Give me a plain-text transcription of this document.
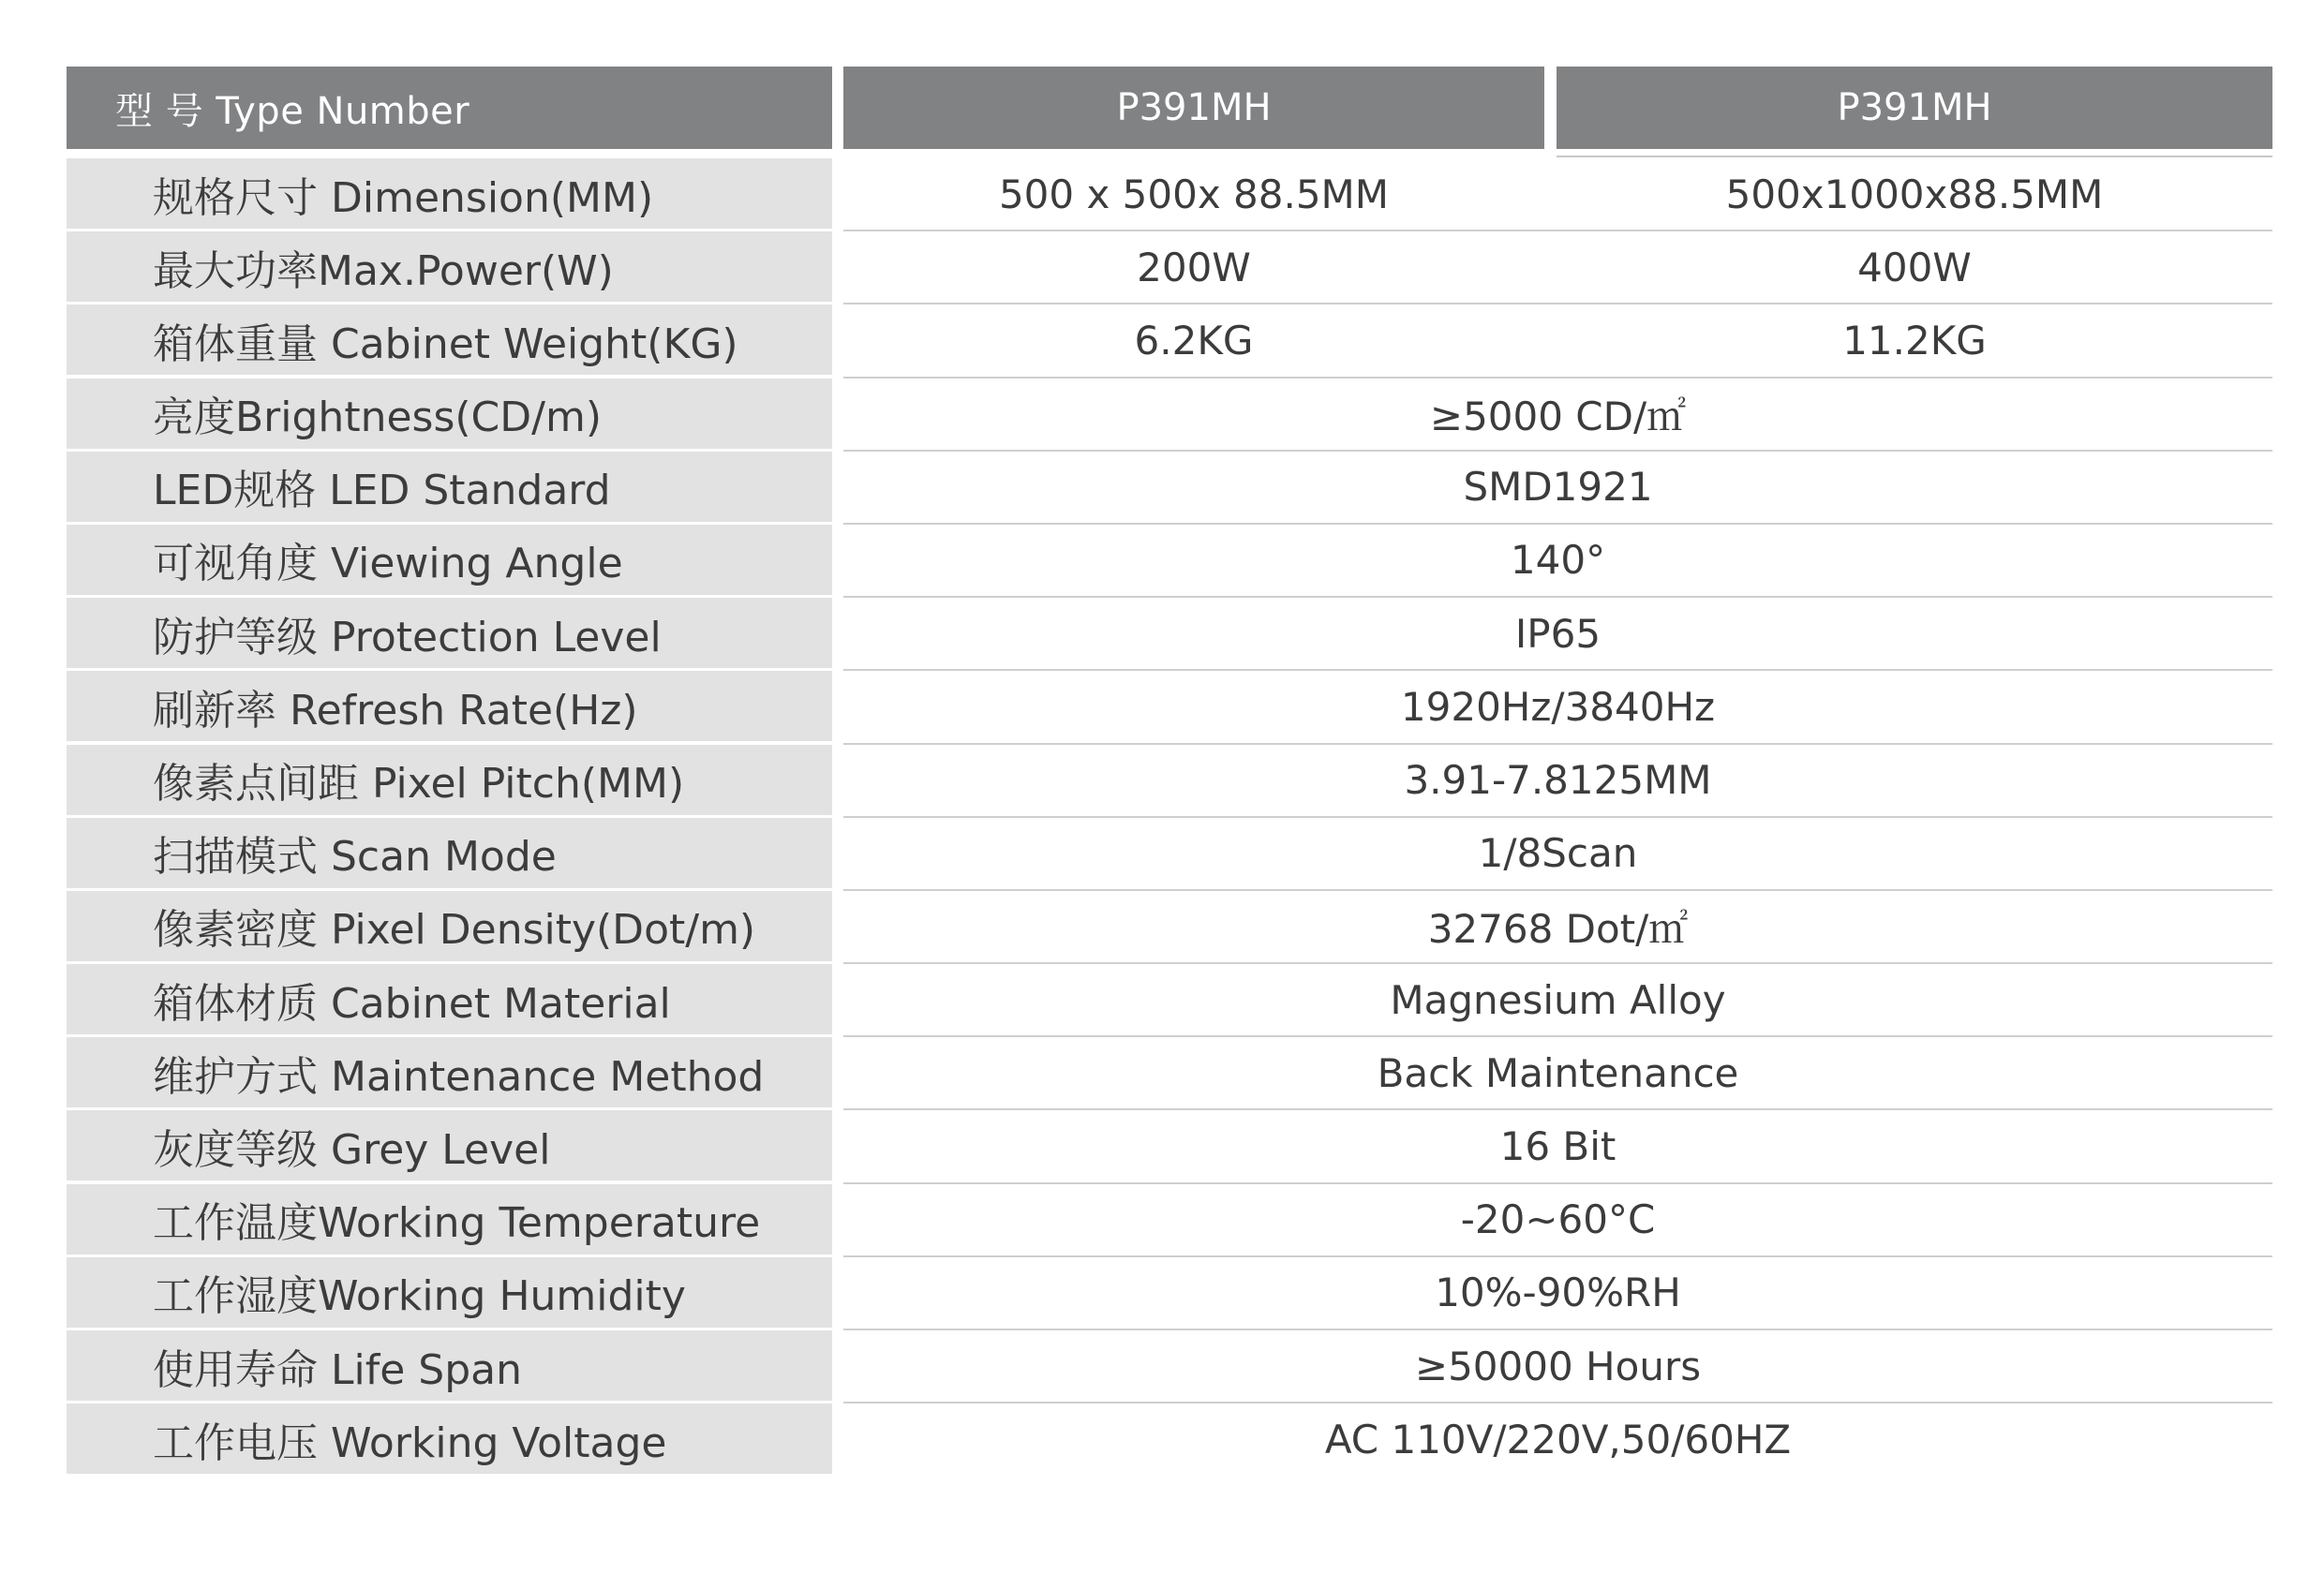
型 号 Type Number	P391MH	P391MH
规格尺寸 Dimension(MM)	500 x 500x 88.5MM	500x1000x88.5MM
最大功率Max.Power(W)	200W	400W
箱体重量 Cabinet Weight(KG)	6.2KG	11.2KG
亮度Brightness(CD/m)	≥5000 CD/㎡
LED规格 LED Standard	SMD1921
可视角度 Viewing Angle	140°
防护等级 Protection Level	IP65
刷新率 Refresh Rate(Hz)	1920Hz/3840Hz
像素点间距 Pixel Pitch(MM)	3.91-7.8125MM
扫描模式 Scan Mode	1/8Scan
像素密度 Pixel Density(Dot/m)	32768 Dot/㎡
箱体材质 Cabinet Material	Magnesium Alloy
维护方式 Maintenance Method	Back Maintenance
灰度等级 Grey Level	16 Bit
工作温度Working Temperature	-20~60°C
工作湿度Working Humidity	10%-90%RH
使用寿命 Life Span	≥50000 Hours
工作电压 Working Voltage	AC 110V/220V,50/60HZ
